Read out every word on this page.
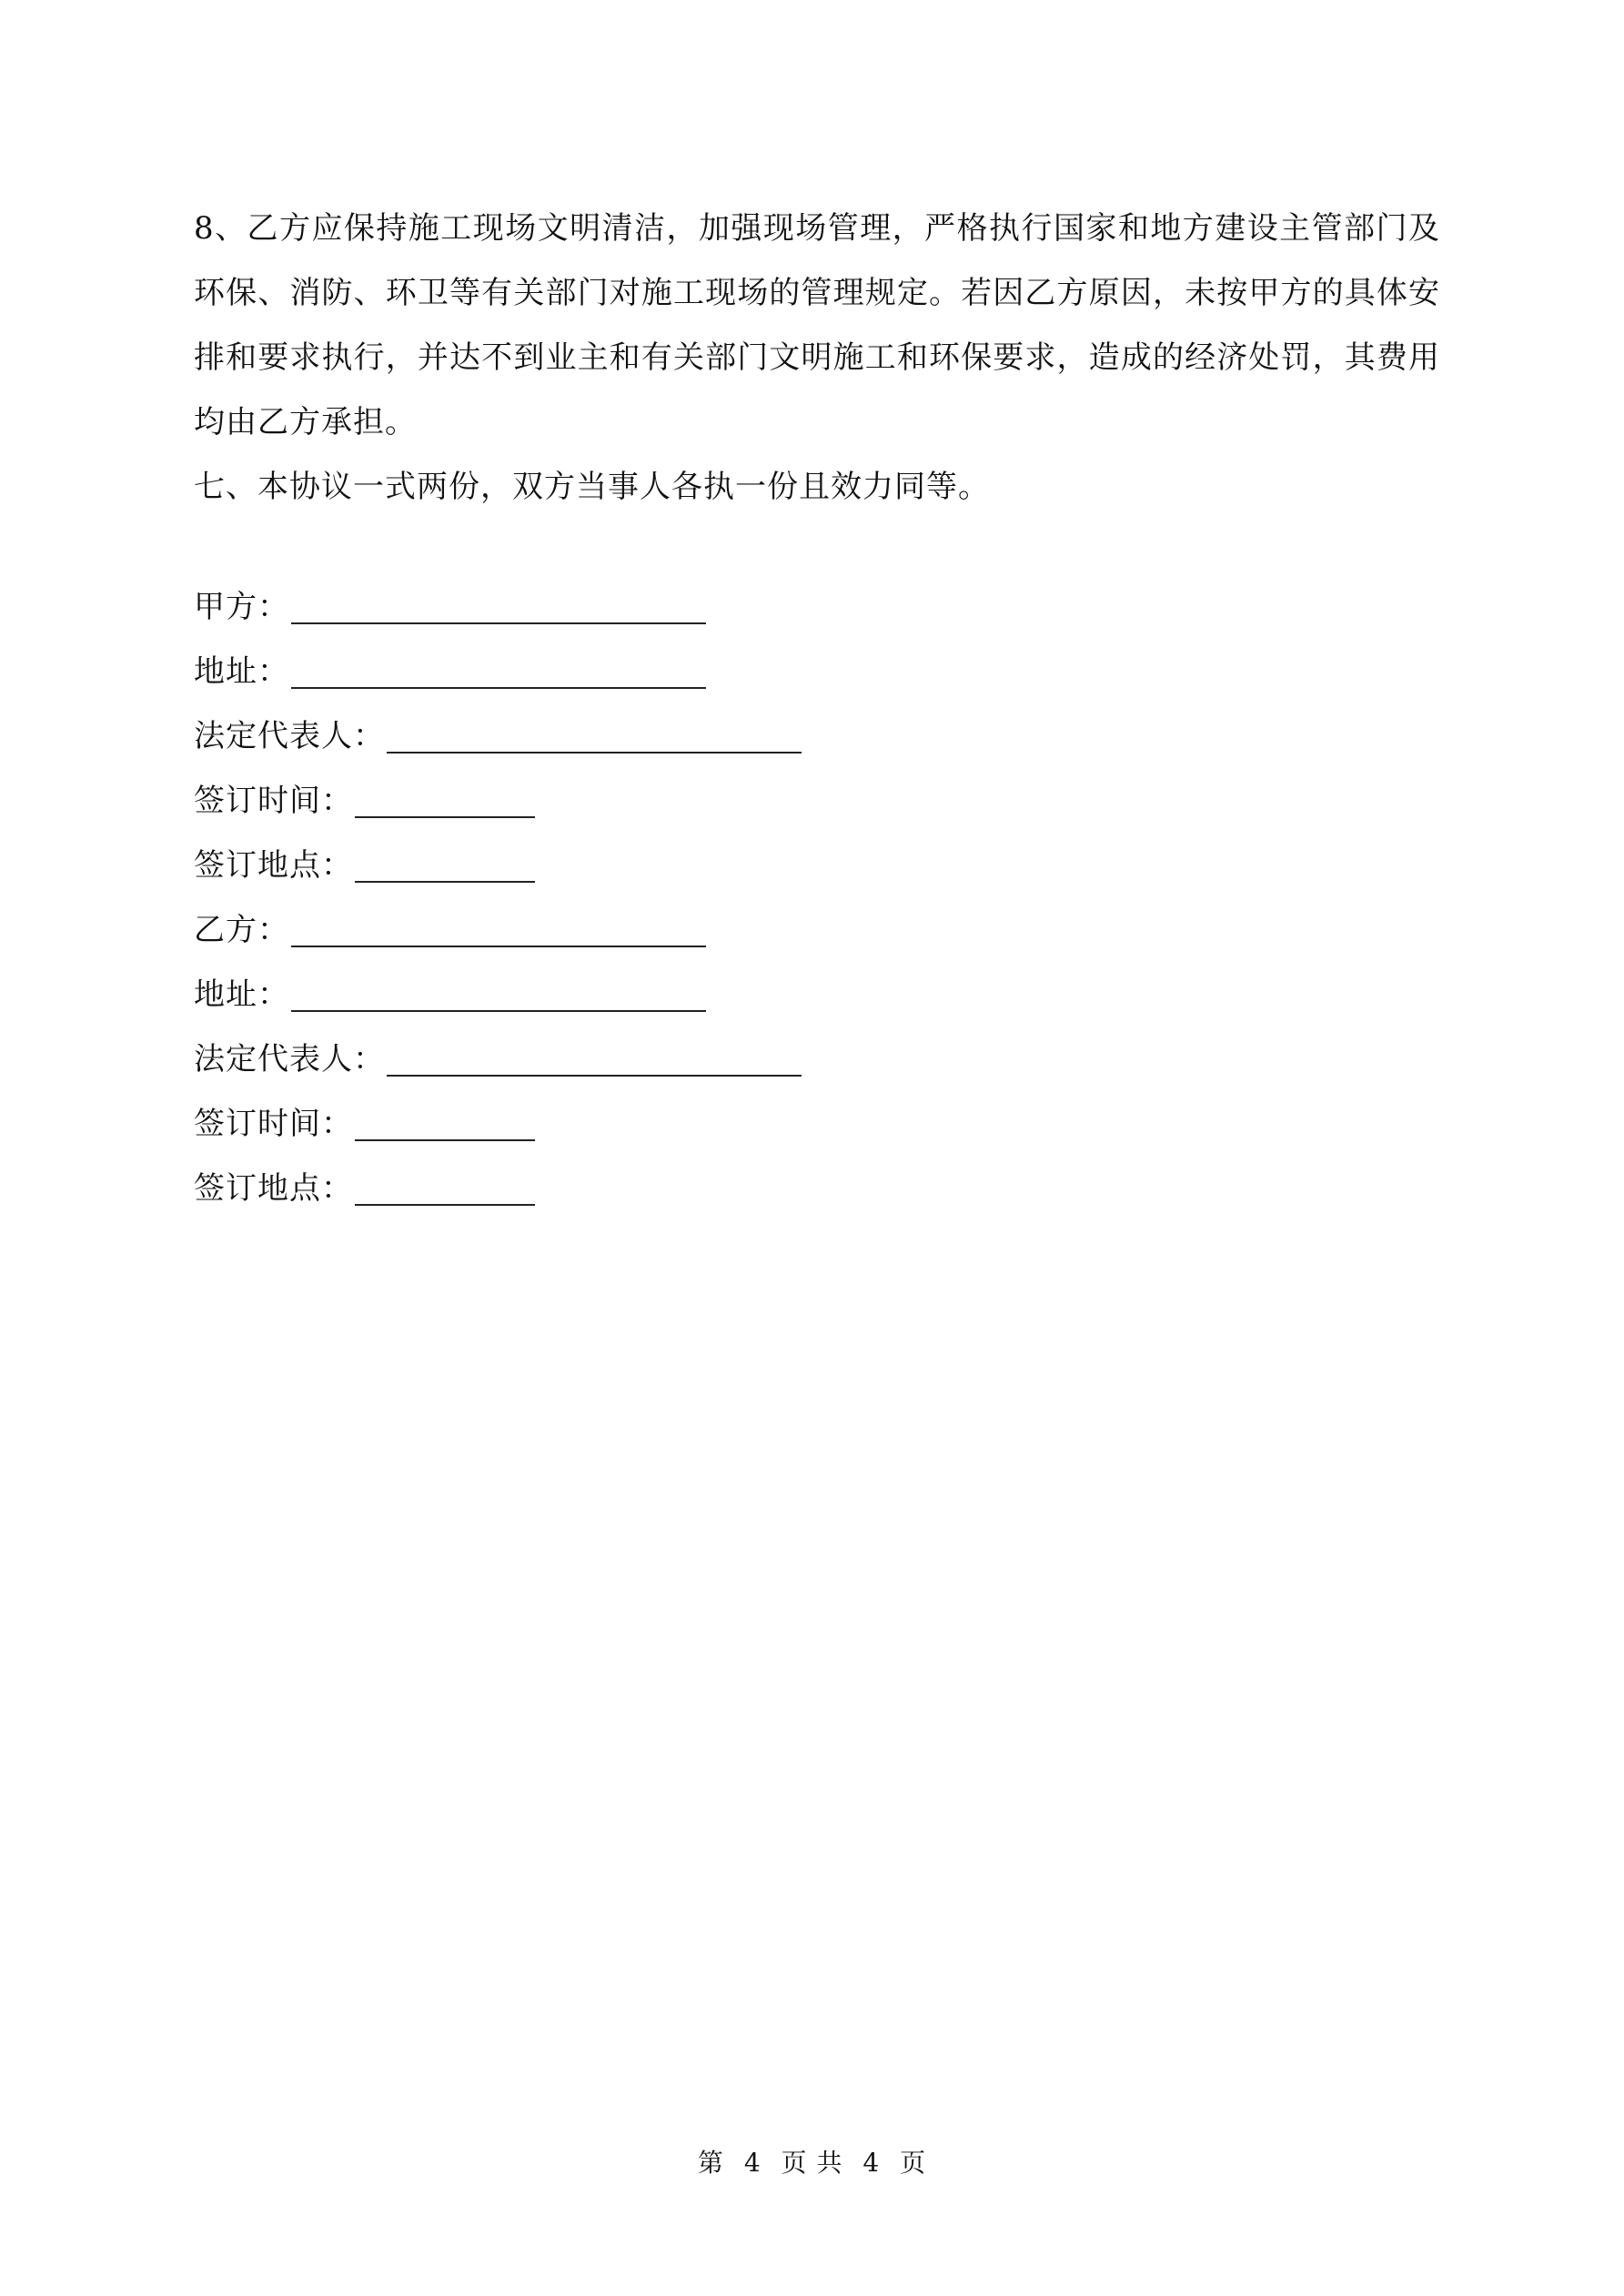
8、乙方应保持施工现场文明清洁，加强现场管理，严格执行国家和地方建设主管部门及环保、消防、环卫等有关部门对施工现场的管理规定。若因乙方原因，未按甲方的具体安排和要求执行，并达不到业主和有关部门文明施工和环保要求，造成的经济处罚，其费用均由乙方承担。

七、本协议一式两份，双方当事人各执一份且效力同等。

甲方：
地址：
法定代表人：
签订时间：
签订地点：
乙方：
地址：
法定代表人：
签订时间：
签订地点：
第 4 页 共 4 页
